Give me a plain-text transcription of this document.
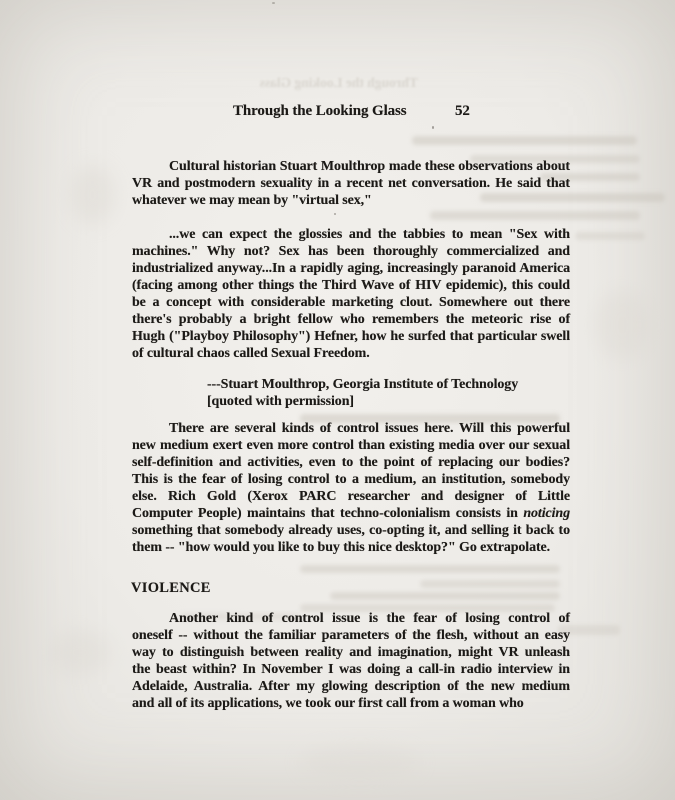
Through the Looking Glass
Through the Looking Glass	52
Cultural historian Stuart Moulthrop made these observations about
VR and postmodern sexuality in a recent net conversation. He said that
whatever we may mean by "virtual sex,"
...we can expect the glossies and the tabbies to mean "Sex with
machines." Why not? Sex has been thoroughly commercialized and
industrialized anyway...In a rapidly aging, increasingly paranoid America
(facing among other things the Third Wave of HIV epidemic), this could
be a concept with considerable marketing clout. Somewhere out there
there's probably a bright fellow who remembers the meteoric rise of
Hugh ("Playboy Philosophy") Hefner, how he surfed that particular swell
of cultural chaos called Sexual Freedom.
---Stuart Moulthrop, Georgia Institute of Technology
[quoted with permission]
There are several kinds of control issues here. Will this powerful
new medium exert even more control than existing media over our sexual
self-definition and activities, even to the point of replacing our bodies?
This is the fear of losing control to a medium, an institution, somebody
else. Rich Gold (Xerox PARC researcher and designer of Little
Computer People) maintains that techno-colonialism consists in noticing
something that somebody already uses, co-opting it, and selling it back to
them -- "how would you like to buy this nice desktop?" Go extrapolate.
VIOLENCE
Another kind of control issue is the fear of losing control of
oneself -- without the familiar parameters of the flesh, without an easy
way to distinguish between reality and imagination, might VR unleash
the beast within? In November I was doing a call-in radio interview in
Adelaide, Australia. After my glowing description of the new medium
and all of its applications, we took our first call from a woman who
